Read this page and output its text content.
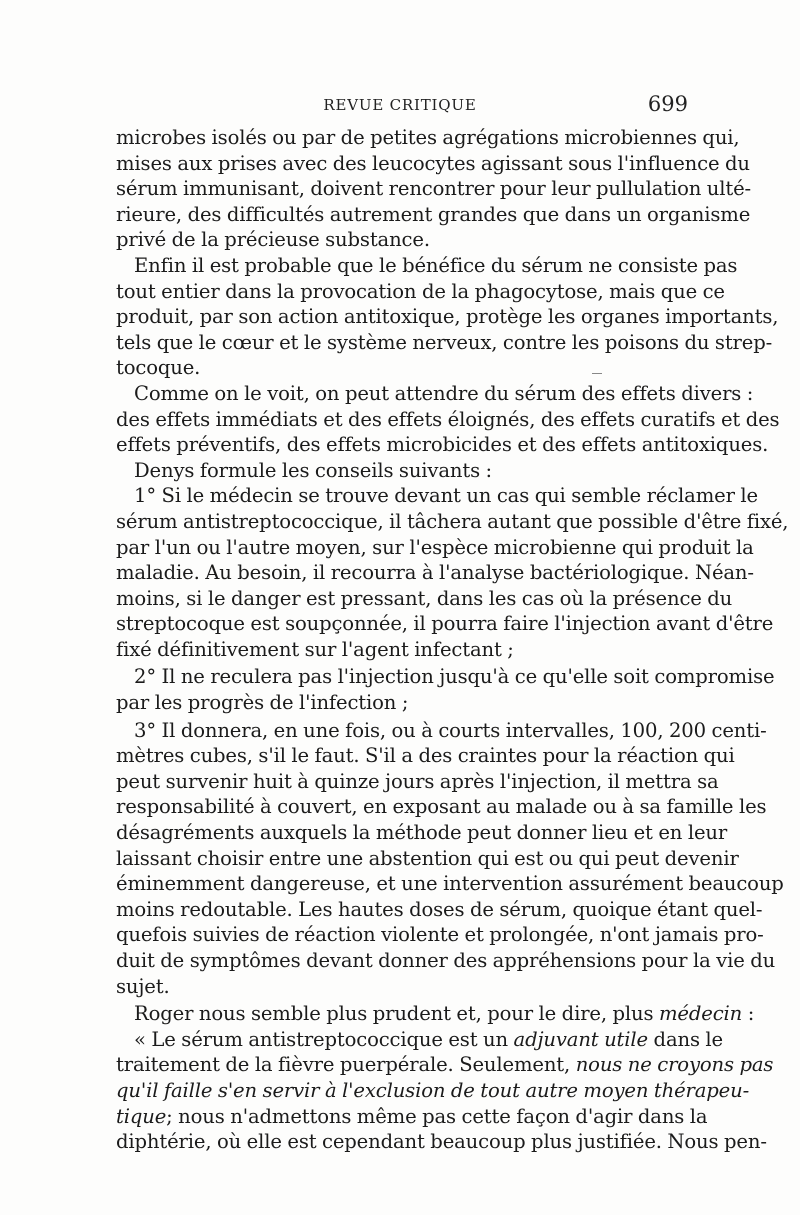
REVUE CRITIQUE	699
microbes isolés ou par de petites agrégations microbiennes qui,
mises aux prises avec des leucocytes agissant sous l'influence du
sérum immunisant, doivent rencontrer pour leur pullulation ulté-
rieure, des difficultés autrement grandes que dans un organisme
privé de la précieuse substance.
Enfin il est probable que le bénéfice du sérum ne consiste pas
tout entier dans la provocation de la phagocytose, mais que ce
produit, par son action antitoxique, protège les organes importants,
tels que le cœur et le système nerveux, contre les poisons du strep-
tocoque.
Comme on le voit, on peut attendre du sérum des effets divers :
des effets immédiats et des effets éloignés, des effets curatifs et des
effets préventifs, des effets microbicides et des effets antitoxiques.
Denys formule les conseils suivants :
1° Si le médecin se trouve devant un cas qui semble réclamer le
sérum antistreptococcique, il tâchera autant que possible d'être fixé,
par l'un ou l'autre moyen, sur l'espèce microbienne qui produit la
maladie. Au besoin, il recourra à l'analyse bactériologique. Néan-
moins, si le danger est pressant, dans les cas où la présence du
streptocoque est soupçonnée, il pourra faire l'injection avant d'être
fixé définitivement sur l'agent infectant ;
2° Il ne reculera pas l'injection jusqu'à ce qu'elle soit compromise
par les progrès de l'infection ;
3° Il donnera, en une fois, ou à courts intervalles, 100, 200 centi-
mètres cubes, s'il le faut. S'il a des craintes pour la réaction qui
peut survenir huit à quinze jours après l'injection, il mettra sa
responsabilité à couvert, en exposant au malade ou à sa famille les
désagréments auxquels la méthode peut donner lieu et en leur
laissant choisir entre une abstention qui est ou qui peut devenir
éminemment dangereuse, et une intervention assurément beaucoup
moins redoutable. Les hautes doses de sérum, quoique étant quel-
quefois suivies de réaction violente et prolongée, n'ont jamais pro-
duit de symptômes devant donner des appréhensions pour la vie du
sujet.
Roger nous semble plus prudent et, pour le dire, plus médecin :
« Le sérum antistreptococcique est un adjuvant utile dans le
traitement de la fièvre puerpérale. Seulement, nous ne croyons pas
qu'il faille s'en servir à l'exclusion de tout autre moyen thérapeu-
tique; nous n'admettons même pas cette façon d'agir dans la
diphtérie, où elle est cependant beaucoup plus justifiée. Nous pen-
